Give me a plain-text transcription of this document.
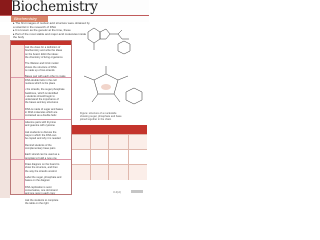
Biochemistry
Biochemistry
▸ The first images of nucleic acid structure were obtained by
a scientist in the research of DNA
▸ It is known as the genetic at the time, these
▸ Part of the most stable and major acid molecules inside
the body
Ask the class for a definition of
biochemistry and write the ideas
on the board. Elicit the ideas:
the chemistry of living organisms

The Watson and Crick model
shows the structure of DNA
is made up of two strands

Bases pair with each other to make
DNA double helix in the cell
nucleus which is the place

• the strands, the sugar phosphate
backbone, which is identified
• students should begin to
understand the importance of
the bases and key structures

DNA is made of sugar and bases
in DNA molecules which are
contained as a double helix

Adenine pairs with thymine
and guanine with cytosine

Ask students to discuss the
ways in which the DNA can
be copied and why it is needed

Remind students of the
complementary base pairs

Each strand can be used as a
template to build a new one

Draw diagram on the board to
show the structure, and then
the way the strands unwind.

Label the sugar, phosphate and
bases on the diagram

DNA replication is semi
conservative, one old strand
and one new in each copy

Ask the students to complete
the table on the right
Figure: structure of a nucleotide
showing sugar, phosphate and base
joined together in the chain
3.4(d)
